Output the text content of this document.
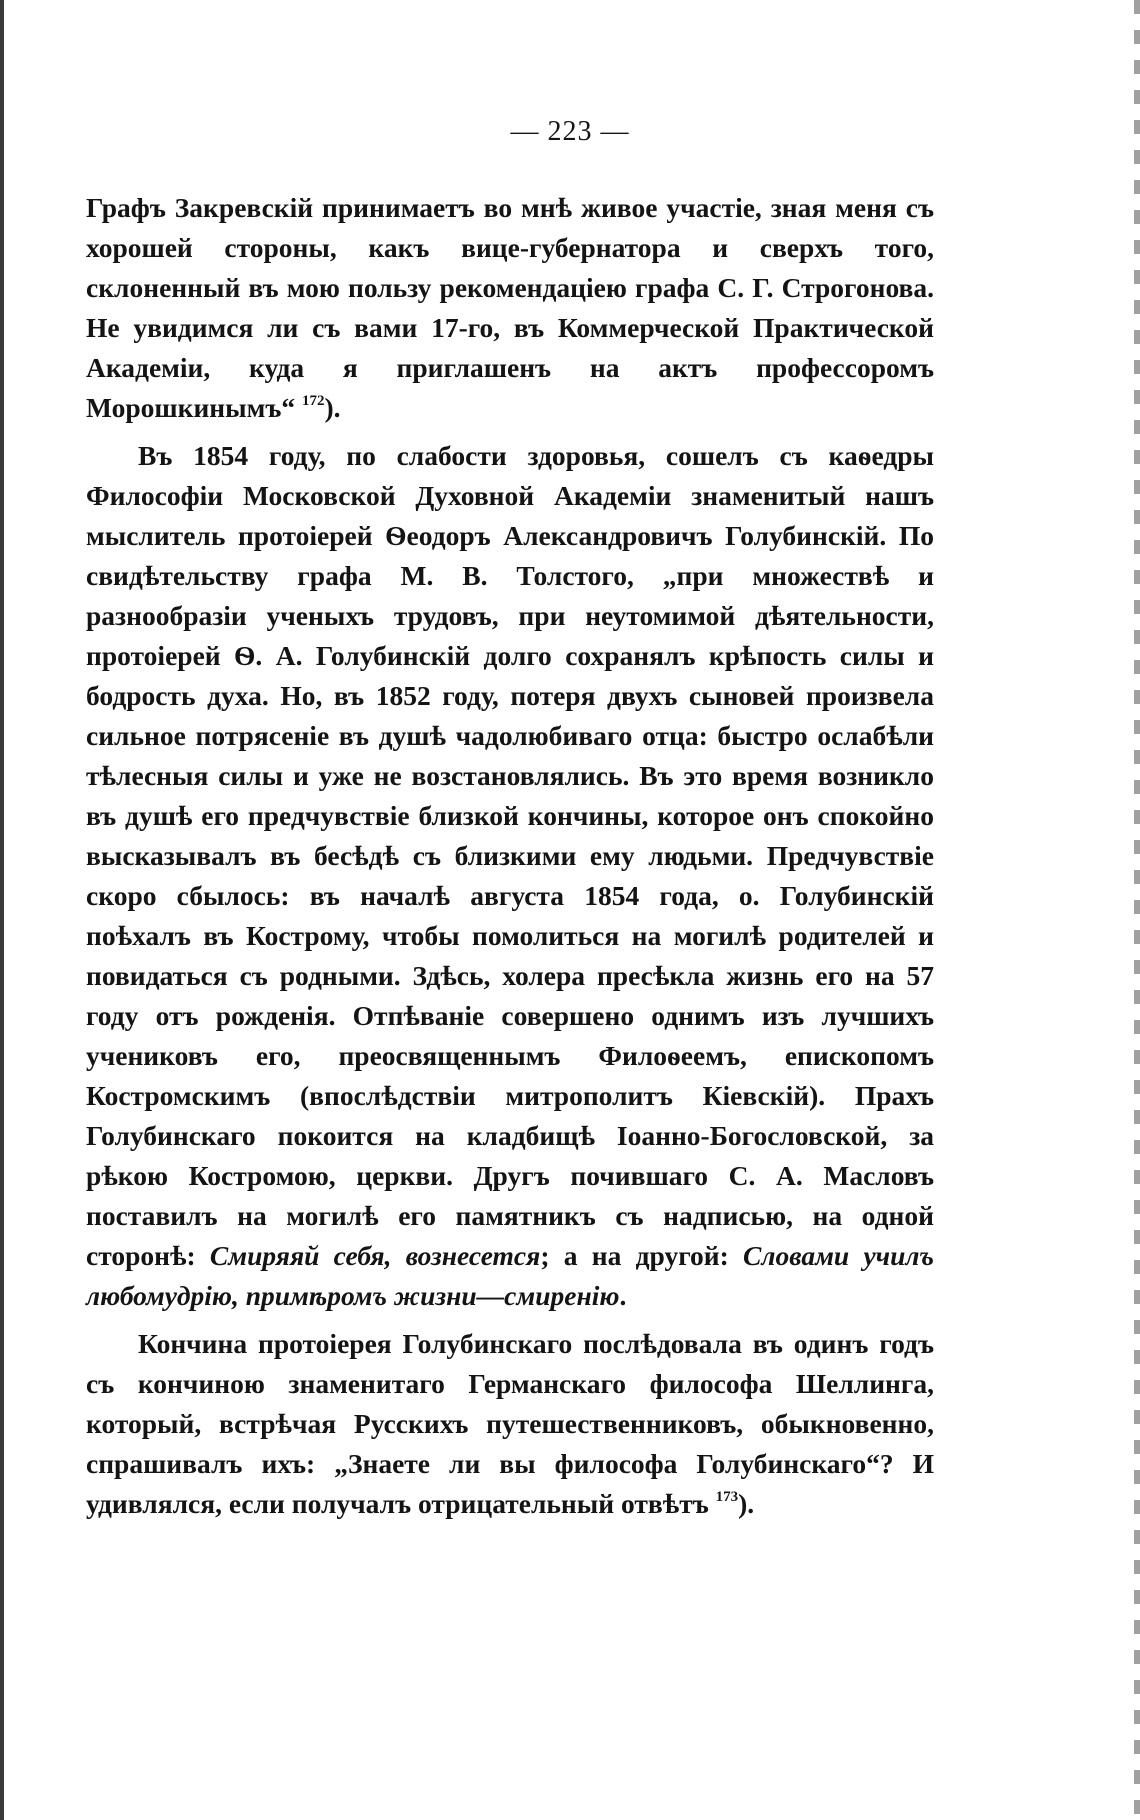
— 223 —

Графъ Закревскій принимаетъ во мнѣ живое участіе, зная меня съ хорошей стороны, какъ вице-губернатора и сверхъ того, склоненный въ мою пользу рекомендаціею графа С. Г. Строгонова. Не увидимся ли съ вами 17-го, въ Коммерческой Практической Академіи, куда я приглашенъ на актъ профессоромъ Морошкинымъ“ $^{172}$).

Въ 1854 году, по слабости здоровья, сошелъ съ каѳедры Философіи Московской Духовной Академіи знаменитый нашъ мыслитель протоіерей Ѳеодоръ Александровичъ Голубинскій. По свидѣтельству графа М. В. Толстого, „при множествѣ и разнообразіи ученыхъ трудовъ, при неутомимой дѣятельности, протоіерей Ѳ. А. Голубинскій долго сохранялъ крѣпость силы и бодрость духа. Но, въ 1852 году, потеря двухъ сыновей произвела сильное потрясеніе въ душѣ чадолюбиваго отца: быстро ослабѣли тѣлесныя силы и уже не возстановлялись. Въ это время возникло въ душѣ его предчувствіе близкой кончины, которое онъ спокойно высказывалъ въ бесѣдѣ съ близкими ему людьми. Предчувствіе скоро сбылось: въ началѣ августа 1854 года, о. Голубинскій поѣхалъ въ Кострому, чтобы помолиться на могилѣ родителей и повидаться съ родными. Здѣсь, холера пресѣкла жизнь его на 57 году отъ рожденія. Отпѣваніе совершено однимъ изъ лучшихъ учениковъ его, преосвященнымъ Филоѳеемъ, епископомъ Костромскимъ (впослѣдствіи митрополитъ Кіевскій). Прахъ Голубинскаго покоится на кладбищѣ Іоанно-Богословской, за рѣкою Костромою, церкви. Другъ почившаго С. А. Масловъ поставилъ на могилѣ его памятникъ съ надписью, на одной сторонѣ: Смиряяй себя, вознесется; а на другой: Словами училъ любомудрію, примѣромъ жизни—смиренію.

Кончина протоіерея Голубинскаго послѣдовала въ одинъ годъ съ кончиною знаменитаго Германскаго философа Шеллинга, который, встрѣчая Русскихъ путешественниковъ, обыкновенно, спрашивалъ ихъ: „Знаете ли вы философа Голубинскаго“? И удивлялся, если получалъ отрицательный отвѣтъ $^{173}$).
